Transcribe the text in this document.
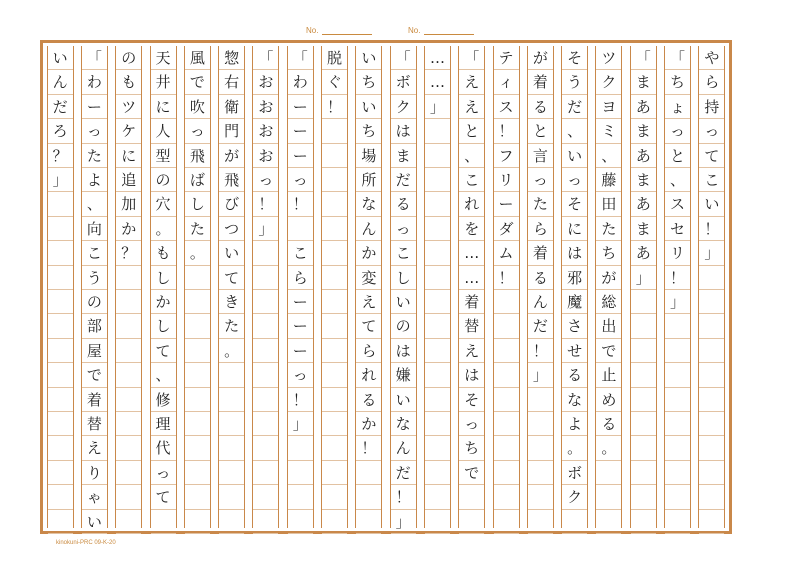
No.	No.
や
ら
持
っ
て
こ
い
！
」
「
ち
ょ
っ
と
、
ス
セ
リ
！
」
「
ま
あ
ま
あ
ま
あ
ま
あ
」
ツ
ク
ヨ
ミ
、
藤
田
た
ち
が
総
出
で
止
め
る
。
そ
う
だ
、
い
っ
そ
に
は
邪
魔
さ
せ
る
な
よ
。
ボ
ク
が
着
る
と
言
っ
た
ら
着
る
ん
だ
！
」
テ
ィ
ス
！
フ
リ
ー
ダ
ム
！
「
え
え
と
、
こ
れ
を
…
…
着
替
え
は
そ
っ
ち
で
…
…
」
「
ボ
ク
は
ま
だ
る
っ
こ
し
い
の
は
嫌
い
な
ん
だ
！
」
い
ち
い
ち
場
所
な
ん
か
変
え
て
ら
れ
る
か
！
脱
ぐ
！
「
わ
ー
ー
ー
っ
！

こ
ら
ー
ー
ー
っ
！
」
「
お
お
お
お
っ
！
」
惣
右
衛
門
が
飛
び
つ
い
て
き
た
。
風
で
吹
っ
飛
ば
し
た
。
天
井
に
人
型
の
穴
。
も
し
か
し
て
、
修
理
代
っ
て
の
も
ツ
ケ
に
追
加
か
？
「
わ
ー
っ
た
よ
、
向
こ
う
の
部
屋
で
着
替
え
り
ゃ
い
い
ん
だ
ろ
？
」
kinokuni-PRC 09-K-20
